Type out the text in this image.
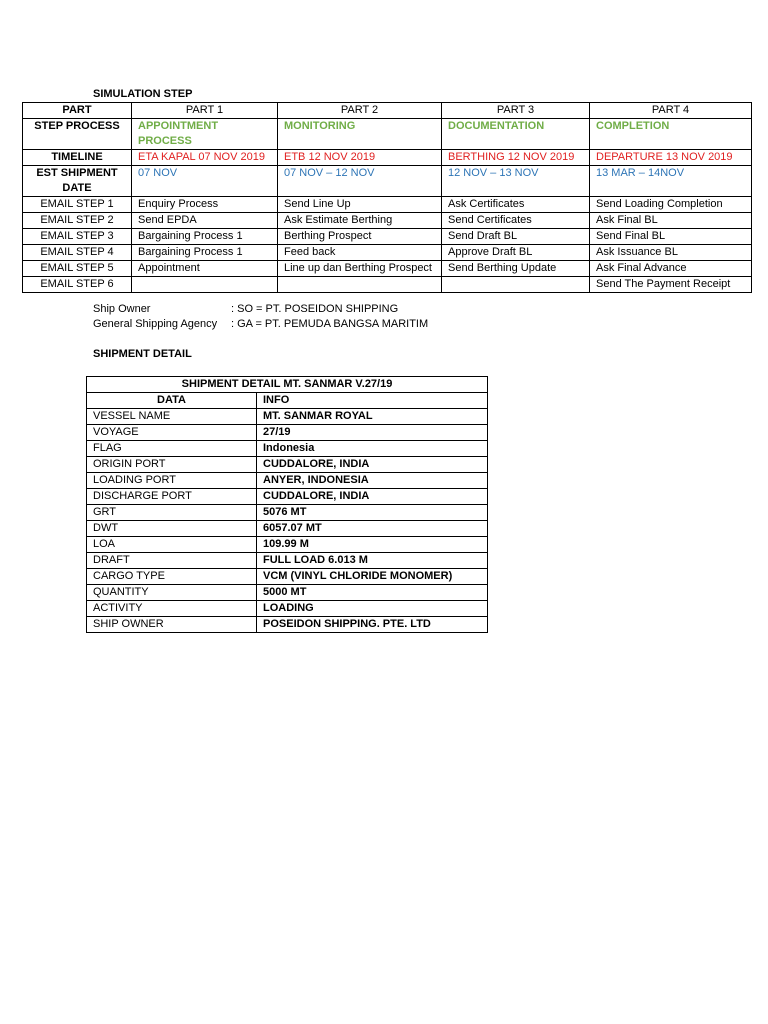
SIMULATION STEP
PART	PART 1	PART 2	PART 3	PART 4
STEP PROCESS	APPOINTMENT PROCESS	MONITORING	DOCUMENTATION	COMPLETION
TIMELINE	ETA KAPAL 07 NOV 2019	ETB 12 NOV 2019	BERTHING 12 NOV 2019	DEPARTURE 13 NOV 2019
EST SHIPMENT
DATE	07 NOV	07 NOV – 12 NOV	12 NOV – 13 NOV	13 MAR – 14NOV
EMAIL STEP 1	Enquiry Process	Send Line Up	Ask Certificates	Send Loading Completion
EMAIL STEP 2	Send EPDA	Ask Estimate Berthing	Send Certificates	Ask Final BL
EMAIL STEP 3	Bargaining Process 1	Berthing Prospect	Send Draft BL	Send Final BL
EMAIL STEP 4	Bargaining Process 1	Feed back	Approve Draft BL	Ask Issuance BL
EMAIL STEP 5	Appointment	Line up dan Berthing Prospect	Send Berthing Update	Ask Final Advance
EMAIL STEP 6				Send The Payment Receipt
Ship Owner	: SO = PT. POSEIDON SHIPPING
General Shipping Agency : GA = PT. PEMUDA BANGSA MARITIM
SHIPMENT DETAIL
SHIPMENT DETAIL MT. SANMAR V.27/19	
DATA	INFO
VESSEL NAME	MT. SANMAR ROYAL
VOYAGE	27/19
FLAG	Indonesia
ORIGIN PORT	CUDDALORE, INDIA
LOADING PORT	ANYER, INDONESIA
DISCHARGE PORT	CUDDALORE, INDIA
GRT	5076 MT
DWT	6057.07 MT
LOA	109.99 M
DRAFT	FULL LOAD 6.013 M
CARGO TYPE	VCM (VINYL CHLORIDE MONOMER)
QUANTITY	5000 MT
ACTIVITY	LOADING
SHIP OWNER	POSEIDON SHIPPING. PTE. LTD
